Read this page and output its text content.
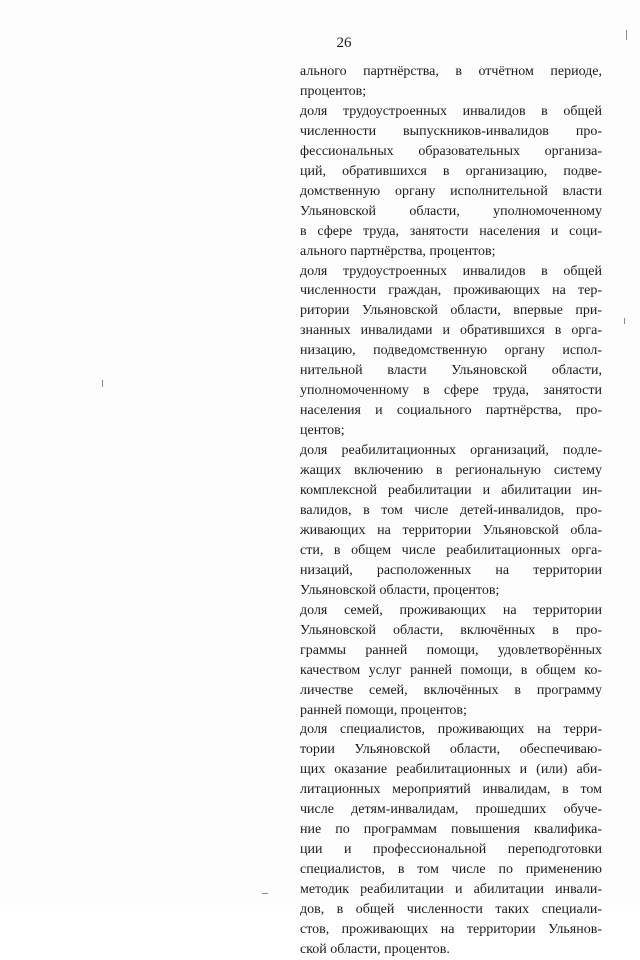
26
ального партнёрства, в отчётном периоде,
процентов;
доля трудоустроенных инвалидов в общей
численности выпускников-инвалидов про-
фессиональных образовательных организа-
ций, обратившихся в организацию, подве-
домственную органу исполнительной власти
Ульяновской области, уполномоченному
в сфере труда, занятости населения и соци-
ального партнёрства, процентов;
доля трудоустроенных инвалидов в общей
численности граждан, проживающих на тер-
ритории Ульяновской области, впервые при-
знанных инвалидами и обратившихся в орга-
низацию, подведомственную органу испол-
нительной власти Ульяновской области,
уполномоченному в сфере труда, занятости
населения и социального партнёрства, про-
центов;
доля реабилитационных организаций, подле-
жащих включению в региональную систему
комплексной реабилитации и абилитации ин-
валидов, в том числе детей-инвалидов, про-
живающих на территории Ульяновской обла-
сти, в общем числе реабилитационных орга-
низаций, расположенных на территории
Ульяновской области, процентов;
доля семей, проживающих на территории
Ульяновской области, включённых в про-
граммы ранней помощи, удовлетворённых
качеством услуг ранней помощи, в общем ко-
личестве семей, включённых в программу
ранней помощи, процентов;
доля специалистов, проживающих на терри-
тории Ульяновской области, обеспечиваю-
щих оказание реабилитационных и (или) аби-
литационных мероприятий инвалидам, в том
числе детям-инвалидам, прошедших обуче-
ние по программам повышения квалифика-
ции и профессиональной переподготовки
специалистов, в том числе по применению
методик реабилитации и абилитации инвали-
дов, в общей численности таких специали-
стов, проживающих на территории Ульянов-
ской области, процентов.
